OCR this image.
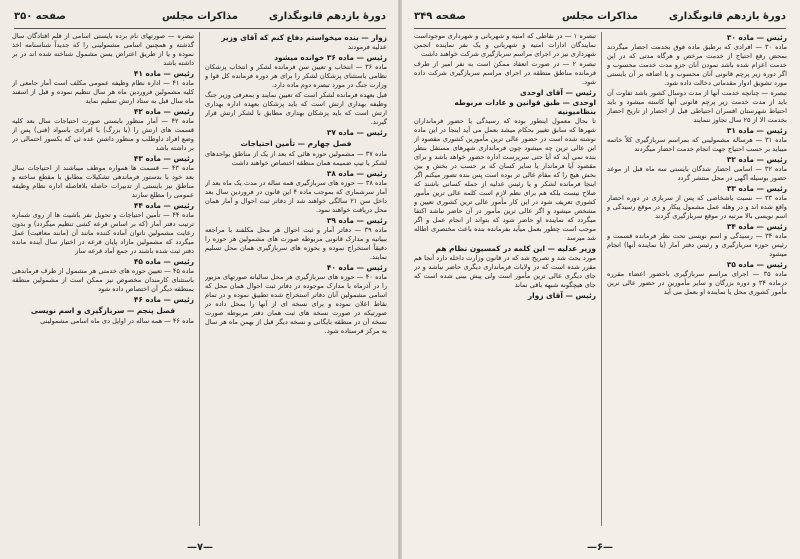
دورهٔ یازدهم قانونگذاری
مذاکرات مجلس
صفحه ۳۵۰
زوار — بنده میخواستم دفاع کنم که آقای وزیر
عدلیه فرمودند
رئیس — ماده ۳۶ خوانده میشود
ماده ۳۶ — انتخاب و تعیین سن فرمانده لشکر و انتخاب پزشکان نظامی باستثنای پزشکان لشکر را برای هر دوره فرمانده کل قوا و وزارت جنگ در مورد تبصره دوم ماده دارد.
قبل بعهده فرمانده لشکر است که تعیین نمایند و بمعرفی وزیر جنگ وظیفه بهداری ارتش است که باید پزشکان بعهده اداره بهداری ارتش است که باید پزشکان بهداری مطابق با لشکر ارتش قرار گیرند.
رئیس — ماده ۳۷
فصل چهارم — تأمین احتیاجات
ماده ۳۷ — مشمولین حوزه هائی که بعد از یک از مناطق بواحدهای لشکر یا تیپ ضمیمه همان منطقه اختصاص خواهند داشت
رئیس — ماده ۳۸
ماده ۳۸ — حوزه های سربازگیری همه ساله در مدت یک ماه بعد از آمار سرشماری که بموجب ماده ۴ این قانون در فروردین سال بعد داخل سن ۲۱ سالگی خواهند شد از دفاتر ثبت احوال و آمار همان محل دریافت خواهند نمود.
رئیس — ماده ۳۹
ماده ۳۹ — دفاتر آمار و ثبت احوال هر محل مکلفند با مراجعه ببیانیه و مدارک قانونی مربوطه صورت های مشمولین هر حوزه را دقیقاً استخراج نموده و بحوزه های سربازگیری همان محل تسلیم نمایند.
رئیس — ماده ۴۰
ماده ۴۰ — حوزه های سربازگیری هر محل سالیانه صورتهای مزبور را در آذرماه با مدارک موجوده در دفاتر ثبت احوال همان محل که اسامی مشمولین آنان دفاتر استخراج شده تطبیق نموده و در تمام نقاط اعلان نموده و برای نسخه ای از آنها را بمحل داده در صورتیکه در صورت نسخه های ثبت همان دفتر مربوطه صورت نسخه آن در منطقه بایگانی و نسخه دیگر قبل از بهمن ماه هر سال به مرکز فرستاده شود.
تبصره — صورتهای نام برده بایستی اسامی از قلم افتادگان سال گذشته و همچنین اسامی مشمولینی را که جدیداً شناسنامه اخذ نموده و یا از طریق اعتراض بسن مشمول شناخته شده اند در بر داشته باشد
رئیس — ماده ۴۱
ماده ۴۱ — اداره نظام وظیفه عمومی مکلف است آمار جامعی از کلیه مشمولین فروردین ماه هر سال تنظیم نموده و قبل از اسفند ماه سال قبل به ستاد ارتش تسلیم نماید
رئیس — ماده ۴۲
ماده ۴۲ — آمار منظور بایستی صورت احتیاجات سال بعد کلیه قسمت های ارتش را (با بزرگ) با افرادی باسواد (فنی) پس از وضع افراد داوطلب و منظور داشتن عده ئی که بکسور احتمالی در بر داشته باشد
رئیس — ماده ۴۳
ماده ۴۳ — قسمت ها همواره موظف میباشند از احتیاجات سال بعد خود با بدستور فرماندهی تشکیلات مطابق با مقطع ساخته و مناطق نیز بایستی از تدبیرات حاصله بلافاصله اداره نظام وظیفه عمومی را مطلع سازند
رئیس — ماده ۴۴
ماده ۴۴ — تأمین احتیاجات و تحویل نفر باشیت ها از روی شماره ترتیب دفتر آمار (که بر اساس قرعه کشی تنظیم میگردد) و بدون رعایت مشمولین ناتوان آماده کننده مانند آن (مانند معافیت) عمل میگردد که مشمولین مازاد پایان قرعه در اختیار سال آینده مانده دفتر ثبت شده باشند در جمع آماد قرعه ساز
رئیس — ماده ۴۵
ماده ۴۵ — تعیین حوزه های خدمتی هر مشمول از طرف فرماندهی باستثنای کارمندان مخصوص نیز ممکن است از مشمولین منطقه بمنطقه دیگر آن اختصاص داده شود
رئیس — ماده ۴۶
فصل پنجم — سربازگیری و اسم نویسی
ماده ۴۶ — همه ساله در اوایل دی ماه اسامی مشمولینی
—۷—
دورهٔ یازدهم قانونگذاری
مذاکرات مجلس
صفحه ۳۴۹
رئیس — ماده ۳۰
ماده ۳۰ — افرادی که برطبق ماده فوق بخدمت احضار میگردند بمحض رفع احتیاج از خدمت مرخص و هرگاه مدتی که در این خدمت اعزام شده باشد نمودن آنان جزو مدت خدمت محسوب و اگر دوره زیر پرچم قانونی آنان محسوب و یا اضافه بر آن بایستی مورد تشویق ادوار مقدماتی دخالت داده شود.
تبصره — چنانچه خدمت آنها از مدت دوسال کشور باشد تفاوت آن باید از مدت خدمت زیر پرچم قانونی آنها کاسته میشود و باید احتیاط شهرستان افسران احتیاطی قبل از احضار از تاریخ احضار بخدمت الا از ۲۵ سال تجاوز ننمایند
رئیس — ماده ۳۱
ماده ۳۱ — هرساله مشمولینی که بمراسم سربازگیری کلاً خاتمه میباید بر حسب احتیاج جهت انجام خدمت احضار میگردند
رئیس — ماده ۳۲
ماده ۳۲ — اسامی احضار شدگان بایستی سه ماه قبل از موعد حضور بوسیله آگهی در محل منتشر گردد
رئیس — ماده ۳۳
ماده ۳۳ — نسبت باشخاصی که پس از سربازی در دوره احضار واقع شده اند و در وهله عمل مشمول پیکار و در موقع رسیدگی و اسم نویسی بالا مرتبه در موقع سربازگیری گردند
رئیس — ماده ۳۴
ماده ۳۴ — رسیدگی و اسم نویسی تحت نظر فرمانده قسمت و رئیس حوزه سربازگیری و رئیس دفتر آمار (یا نماینده آنها) انجام میشود
رئیس — ماده ۳۵
ماده ۳۵ — اجرای مراسم سربازگیری باحضور اعضاء مقرره درماده ۳۴ و دوره بزرگان و سایر مأمورین در حضور عالی ترین مأمور کشوری محل یا نماینده او بعمل می آید
تبصره ۱ — در نقاطی که امنیه و شهربانی و شهرداری موجوداست نمایندگان ادارات امنیه و شهربانی و یک نفر نماینده انجمن شهرداری نیز در اجرای مراسم سربازگیری شرکت خواهند داشت
تبصره ۲ — در صورت انعقاد ممکن است به نفر امیر از طرف فرمانده مناطق منطقه در اجرای مراسم سربازگیری شرکت داده شود.
رئیس — آقای اوحدی
اوحدی — طبق قوانین و عادات مربوطه بنظامیونیه
تا بحال معمول اینطور بوده که رسیدگی یا حضور فرمانداران شهرها که سابق تغییر بحکام میشد بعمل می آید اینجا در این ماده نوشته شده است در حضور عالی ترین مأمورین کشوری مقصود از این عالی ترین چه میشود چون فرمانداری شهرهای مستقل بنظر بنده نمی آید که آیا حتی سرپرست اداره حضور خواهد باشد و برای مقصود آیا فرماندار یا سایر کسان که بر حسب در بخش و بین بخش هیچ را که مقام عالی تر بوده است پس بنده تصور میکنم اگر اینجا فرمانده لشکر و یا رئیس عدلیه از جمله کسانی باشند که صلاح نیست بلکه هم برای نظم لازم است کلمه عالی ترین مأمور کشوری تعریف شود در این کار مأمور عالی ترین کشوری تعیین و مشخص میشود و اگر عالی ترین مأمور در آن حاضر نباشد اکتفا میگردد که نماینده او حاضر شود که بتواند از انجام عمل و اگر موجب است چطور بعمل میآید بفرمانده بنده باعث مختصری اطاله شد میرسد
وزیر عدلیه — این کلمه در کمسیون نظام هم
مورد بحث شد و تصریح شد که در قانون وزارت داخله دارد آنجا هم مقرر شده است که در ولایات فرمانداری دیگری حاضر نباشد و در جای دیگری عالی ترین مأمور است ولی پیش بینی شده است که جای هیچگونه شبهه باقی نماند
رئیس — آقای زوار
—۶—
